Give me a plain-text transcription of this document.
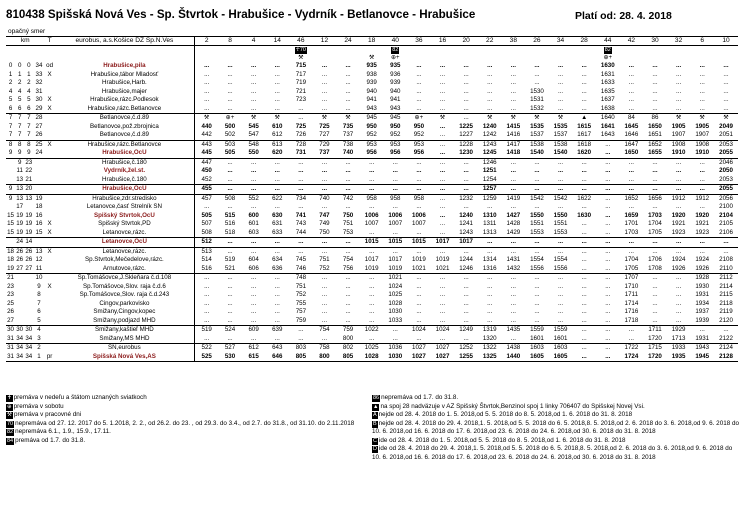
810438 Spišská Nová Ves - Sp. Štvrtok - Hrabušice - Vydrník - Betlanovce - Hrabušice	Platí od: 28. 4. 2018
opačný smer
km				T	eurobus, a.s.Košice DZ Sp.N.Ves	2	8	4	14	46	12	24	18	40	36	16	20	22	38	26	34	28	44	42	30	32	6	10
										☥70				82									82					
										⚒			⚒	⊕+									⊕+					
0	0	0	34	od	Hrabušice,pila	...	...	...	...	715	...	...	935	935	...	...	...	...	...	...	...	...	1630	...	...	...	...	...
1	1	1	33	X	Hrabušice,tábor Mladosť	...	...	...	...	717	...	...	938	936	...	...	...	...	...	...	...	...	1631	...	...	...	...	...
2	2	2	32		Hrabušice,Harb.	...	...	...	...	719	...	...	939	939	...	...	...	...	...	...	...	...	1633	...	...	...	...	...
4	4	4	31		Hrabušice,majer	...	...	...	...	721	...	...	940	940	...	...	...	...	...	1530	...	...	1635	...	...	...	...	...
5	5	5	30	X	Hrabušice,rázc.Podlesok	...	...	...	...	723	...	...	941	941	...	...	...	...	...	1531	...	...	1637	...	...	...	...	...
6	6	6	29	X	Hrabušice,rázc.Betlanovce	...	...	...	...	...	...	...	943	943	...	...	...	...	...	1532	...	...	1638	...	...	...	...	...
7	7	7	28		Betlanovce,č.d.89	⚒	⊕+	⚒	⚒	...	⚒	⚒	945	945	⊕+	⚒	...	⚒	⚒	⚒	⚒	▲	1640	84	86	⚒	⚒	⚒
7	7	7	27		Betlanovce,pož.zbrojnica	440	500	545	610	725	725	735	950	950	950	...	1225	1240	1415	1535	1535	1615	1641	1645	1650	1905	1905	2049
7	7	7	26		Betlanovce,č.d.89	442	502	547	612	726	727	737	952	952	952	...	1227	1242	1416	1537	1537	1617	1643	1646	1651	1907	1907	2051
8	8	8	25	X	Hrabušice,rázc.Betlanovce	443	503	548	613	728	729	738	953	953	953	...	1228	1243	1417	1538	1538	1618	...	1647	1652	1908	1908	2053
9	9	9	24		Hrabušice,OcÚ	445	505	550	620	731	737	740	956	956	956	...	1230	1245	1418	1540	1540	1620	...	1650	1655	1910	1910	2055
	9	23			Hrabušice,č.180	447	...	...	...	...	...	...	...	...	...	...	...	1246	...	...	...	...	...	...	...	...	...	2046
	11	22			Vydrník,žel.st.	450	...	...	...	...	...	...	...	...	...	...	...	1251	...	...	...	...	...	...	...	...	...	2050
	13	21			Hrabušice,č.180	452	...	...	...	...	...	...	...	...	...	...	...	1254	...	...	...	...	...	...	...	...	...	2053
9	13	20			Hrabušice,OcÚ	455	...	...	...	...	...	...	...	...	...	...	...	1257	...	...	...	...	...	...	...	...	...	2055
9	13	13	19		Hrabušice,zdr.stredisko	457	508	552	622	734	740	742	958	958	958	...	1232	1259	1419	1542	1542	1622	...	1652	1656	1912	1912	2056
	17		18		Letanovce,časť Strelník SN	...	...	...	...	...	...	...	...	...	...	...	...	...	...	...	...	...	...	...	...	...	...	2100
15	19	19	16		Spišský Štvrtok,OcÚ	505	515	600	630	741	747	750	1006	1006	1006	...	1240	1310	1427	1550	1550	1630	...	1659	1703	1920	1920	2104
15	19	19	16	X	Spišský Štvrtok,PD	507	516	601	631	743	749	751	1007	1007	1007	...	1241	1311	1428	1551	1551	...	...	1701	1704	1921	1921	2105
15	19	19	15	X	Letanovce,rázc.	508	518	603	633	744	750	753	...	...	...	...	1243	1313	1429	1553	1553	...	...	1703	1705	1923	1923	2106
	24	14			Letanovce,OcÚ	512	...	...	...	...	...	...	1015	1015	1015	1017	1017	...	...	...	...	...	...	...	...	...	...	...
18	26	26	13	X	Letanovce,rázc.	513	...	...	...	...	...	...	...	...	...	...	...	...	...	...	...	...	...	...	...	...	...	...
18	26	26	12		Sp.Štvrtok,Mečedelove,rázc.	514	519	604	634	745	751	754	1017	1017	1019	1019	1244	1314	1431	1554	1554	...	...	1704	1706	1924	1924	2108
19	27	27	11		Arnutovce,rázc.	516	521	606	636	746	752	756	1019	1019	1021	1021	1246	1316	1432	1556	1556	...	...	1705	1708	1926	1926	2110
21			10		Sp.Tomášovce,J.Skleňara č.d.108	...	...	...	...	748	...	...	...	1021	...	...	...	...	...	...	...	...	...	1707	...	...	1928	2112
23			9	X	Sp.Tomášovce,Slov. raja č.d.6	...	...	...	...	751	...	...	...	1024	...	...	...	...	...	...	...	...	...	1710	...	...	1930	2114
23			8		Sp.Tomášovce,Slov. raja č.d.243	...	...	...	...	752	...	...	...	1025	...	...	...	...	...	...	...	...	...	1711	...	...	1931	2115
25			7		Čingov,parkovisko	...	...	...	...	755	...	...	...	1028	...	...	...	...	...	...	...	...	...	1714	...	...	1934	2118
26			6		Smižany,Čingov,kopec	...	...	...	...	757	...	...	...	1030	...	...	...	...	...	...	...	...	...	1716	...	...	1937	2119
27			5		Smižany,podjazd MHD	...	...	...	...	759	...	...	...	1033	...	...	...	...	...	...	...	...	...	1718	...	...	1939	2120
30	30	30	4		Smižany,kaštieľ MHD	519	524	609	639	...	754	759	1022	...	1024	1024	1249	1319	1435	1559	1559	...	...	...	1711	1929	...	...
31	34	34	3		Smižany,MŠ MHD	...	...	...	...	...	...	800	...	...	...	...	...	1320	...	1601	1601	...	...	...	1720	1713	1931	2122
31	34	34	2		SN,eurobus	522	527	612	643	803	758	802	1025	1036	1027	1027	1252	1322	1438	1603	1603	...	...	1722	1715	1933	1943	2124
31	34	34	1	pr	Spišská Nová Ves,AS	525	530	615	646	805	800	805	1028	1030	1027	1027	1255	1325	1440	1605	1605	...	...	1724	1720	1935	1945	2128

✝ premáva v nedeľu a štátom uznaných sviatkoch

⊕ premáva v sobotu

⚒ premáva v pracovné dni

70 nepremáva od 27. 12. 2017 do 5. 1.2018, 2. 2., od 26.2. do 23. , od 29.3. do 3.4., od 2.7. do 31.8., od 31.10. do 2.11.2018

82 nepremáva 6.1., 1.9., 15.9., 17.11.

84 premáva od 1.7. do 31.8.

86 nepremáva od 1.7. do 31.8.

▲ na spoj 28 nadväzuje v AZ Spišský Štvrtok,Benzinol spoj 1 linky 706407 do Spišskej Novej Vsi.

A nejde od 28. 4. 2018 do 1. 5. 2018,od 5. 5. 2018 do 8. 5. 2018,od 1. 6. 2018 do 31. 8. 2018

B nejde od 28. 4. 2018 do 29. 4. 2018,1. 5. 2018,od 5. 5. 2018 do 6. 5. 2018,8. 5. 2018,od 2. 6. 2018 do 3. 6. 2018,od 9. 6. 2018 do 10. 6. 2018,od 16. 6. 2018 do 17. 6. 2018,od 23. 6. 2018 do 24. 6. 2018,od 30. 6. 2018 do 31. 8. 2018

C ide od 28. 4. 2018 do 1. 5. 2018,od 5. 5. 2018 do 8. 5. 2018,od 1. 6. 2018 do 31. 8. 2018

D ide od 28. 4. 2018 do 29. 4. 2018,1. 5. 2018,od 5. 5. 2018 do 6. 5. 2018,8. 5. 2018,od 2. 6. 2018 do 3. 6. 2018,od 9. 6. 2018 do 10. 6. 2018,od 16. 6. 2018 do 17. 6. 2018,od 23. 6. 2018 do 24. 6. 2018,od 30. 6. 2018 do 31. 8. 2018
